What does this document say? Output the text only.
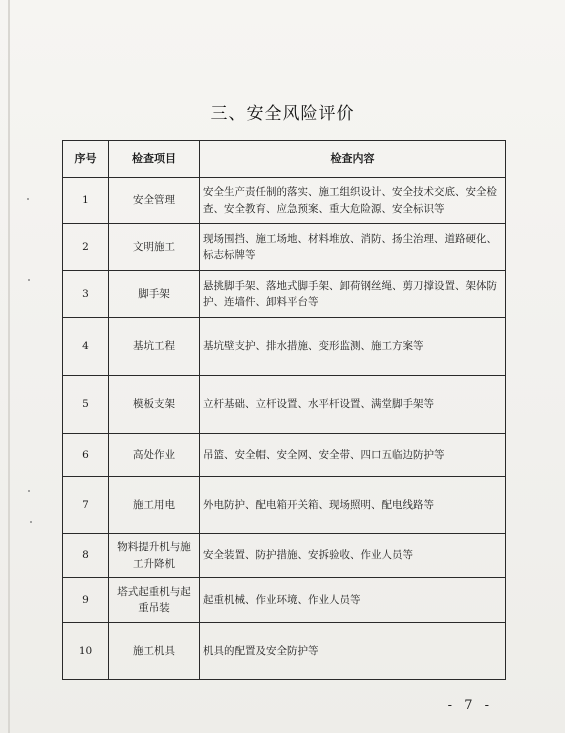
三、安全风险评价
序号	检查项目	检查内容
1	安全管理	安全生产责任制的落实、施工组织设计、安全技术交底、安全检查、安全教育、应急预案、重大危险源、安全标识等
2	文明施工	现场围挡、施工场地、材料堆放、消防、扬尘治理、道路硬化、标志标牌等
3	脚手架	悬挑脚手架、落地式脚手架、卸荷钢丝绳、剪刀撑设置、架体防护、连墙件、卸料平台等
4	基坑工程	基坑壁支护、排水措施、变形监测、施工方案等
5	模板支架	立杆基础、立杆设置、水平杆设置、满堂脚手架等
6	高处作业	吊篮、安全帽、安全网、安全带、四口五临边防护等
7	施工用电	外电防护、配电箱开关箱、现场照明、配电线路等
8	物料提升机与施工升降机	安全装置、防护措施、安拆验收、作业人员等
9	塔式起重机与起重吊装	起重机械、作业环境、作业人员等
10	施工机具	机具的配置及安全防护等
- 7 -
